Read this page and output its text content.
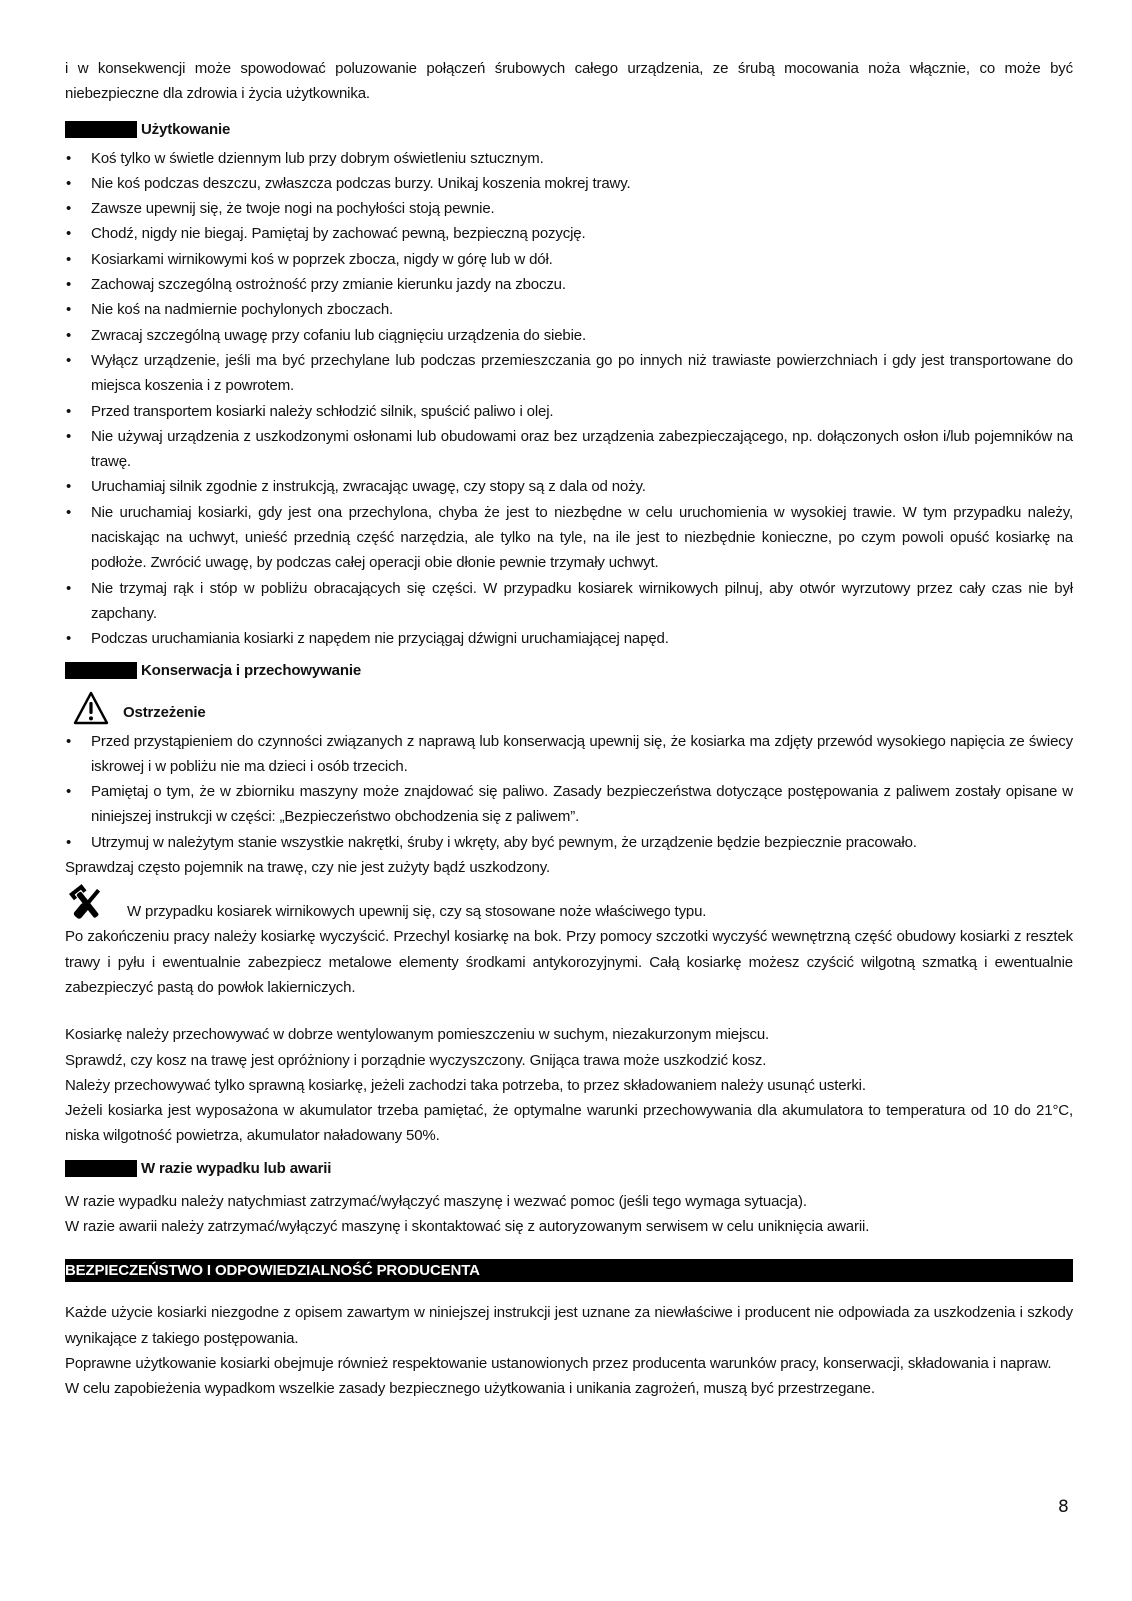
i w konsekwencji może spowodować poluzowanie połączeń śrubowych całego urządzenia, ze śrubą mocowania noża włącznie, co może być niebezpieczne dla zdrowia i życia użytkownika.

Użytkowanie
• Koś tylko w świetle dziennym lub przy dobrym oświetleniu sztucznym.
• Nie koś podczas deszczu, zwłaszcza podczas burzy. Unikaj koszenia mokrej trawy.
• Zawsze upewnij się, że twoje nogi na pochyłości stoją pewnie.
• Chodź, nigdy nie biegaj. Pamiętaj by zachować pewną, bezpieczną pozycję.
• Kosiarkami wirnikowymi koś w poprzek zbocza, nigdy w górę lub w dół.
• Zachowaj szczególną ostrożność przy zmianie kierunku jazdy na zboczu.
• Nie koś na nadmiernie pochylonych zboczach.
• Zwracaj szczególną uwagę przy cofaniu lub ciągnięciu urządzenia do siebie.
• Wyłącz urządzenie, jeśli ma być przechylane lub podczas przemieszczania go po innych niż trawiaste powierzchniach i gdy jest transportowane do miejsca koszenia i z powrotem.
• Przed transportem kosiarki należy schłodzić silnik, spuścić paliwo i olej.
• Nie używaj urządzenia z uszkodzonymi osłonami lub obudowami oraz bez urządzenia zabezpieczającego, np. dołączonych osłon i/lub pojemników na trawę.
• Uruchamiaj silnik zgodnie z instrukcją, zwracając uwagę, czy stopy są z dala od noży.
• Nie uruchamiaj kosiarki, gdy jest ona przechylona, chyba że jest to niezbędne w celu uruchomienia w wysokiej trawie. W tym przypadku należy, naciskając na uchwyt, unieść przednią część narzędzia, ale tylko na tyle, na ile jest to niezbędnie konieczne, po czym powoli opuść kosiarkę na podłoże. Zwrócić uwagę, by podczas całej operacji obie dłonie pewnie trzymały uchwyt.
• Nie trzymaj rąk i stóp w pobliżu obracających się części. W przypadku kosiarek wirnikowych pilnuj, aby otwór wyrzutowy przez cały czas nie był zapchany.
• Podczas uruchamiania kosiarki z napędem nie przyciągaj dźwigni uruchamiającej napęd.
Konserwacja i przechowywanie
Ostrzeżenie
• Przed przystąpieniem do czynności związanych z naprawą lub konserwacją upewnij się, że kosiarka ma zdjęty przewód wysokiego napięcia ze świecy iskrowej i w pobliżu nie ma dzieci i osób trzecich.
• Pamiętaj o tym, że w zbiorniku maszyny może znajdować się paliwo. Zasady bezpieczeństwa dotyczące postępowania z paliwem zostały opisane w niniejszej instrukcji w części: „Bezpieczeństwo obchodzenia się z paliwem”.
• Utrzymuj w należytym stanie wszystkie nakrętki, śruby i wkręty, aby być pewnym, że urządzenie będzie bezpiecznie pracowało.

Sprawdzaj często pojemnik na trawę, czy nie jest zużyty bądź uszkodzony.

W przypadku kosiarek wirnikowych upewnij się, czy są stosowane noże właściwego typu.

Po zakończeniu pracy należy kosiarkę wyczyścić. Przechyl kosiarkę na bok. Przy pomocy szczotki wyczyść wewnętrzną część obudowy kosiarki z resztek trawy i pyłu i ewentualnie zabezpiecz metalowe elementy środkami antykorozyjnymi. Całą kosiarkę możesz czyścić wilgotną szmatką i ewentualnie zabezpieczyć pastą do powłok lakierniczych.

Kosiarkę należy przechowywać w dobrze wentylowanym pomieszczeniu w suchym, niezakurzonym miejscu.

Sprawdź, czy kosz na trawę jest opróżniony i porządnie wyczyszczony. Gnijąca trawa może uszkodzić kosz.

Należy przechowywać tylko sprawną kosiarkę, jeżeli zachodzi taka potrzeba, to przez składowaniem należy usunąć usterki.

Jeżeli kosiarka jest wyposażona w akumulator trzeba pamiętać, że optymalne warunki przechowywania dla akumulatora to temperatura od 10 do 21°C, niska wilgotność powietrza, akumulator naładowany 50%.

W razie wypadku lub awarii

W razie wypadku należy natychmiast zatrzymać/wyłączyć maszynę i wezwać pomoc (jeśli tego wymaga sytuacja).

W razie awarii należy zatrzymać/wyłączyć maszynę i skontaktować się z autoryzowanym serwisem w celu uniknięcia awarii.

BEZPIECZEŃSTWO I ODPOWIEDZIALNOŚĆ PRODUCENTA

Każde użycie kosiarki niezgodne z opisem zawartym w niniejszej instrukcji jest uznane za niewłaściwe i producent nie odpowiada za uszkodzenia i szkody wynikające z takiego postępowania.

Poprawne użytkowanie kosiarki obejmuje również respektowanie ustanowionych przez producenta warunków pracy, konserwacji, składowania i napraw.

W celu zapobieżenia wypadkom wszelkie zasady bezpiecznego użytkowania i unikania zagrożeń, muszą być przestrzegane.

8
